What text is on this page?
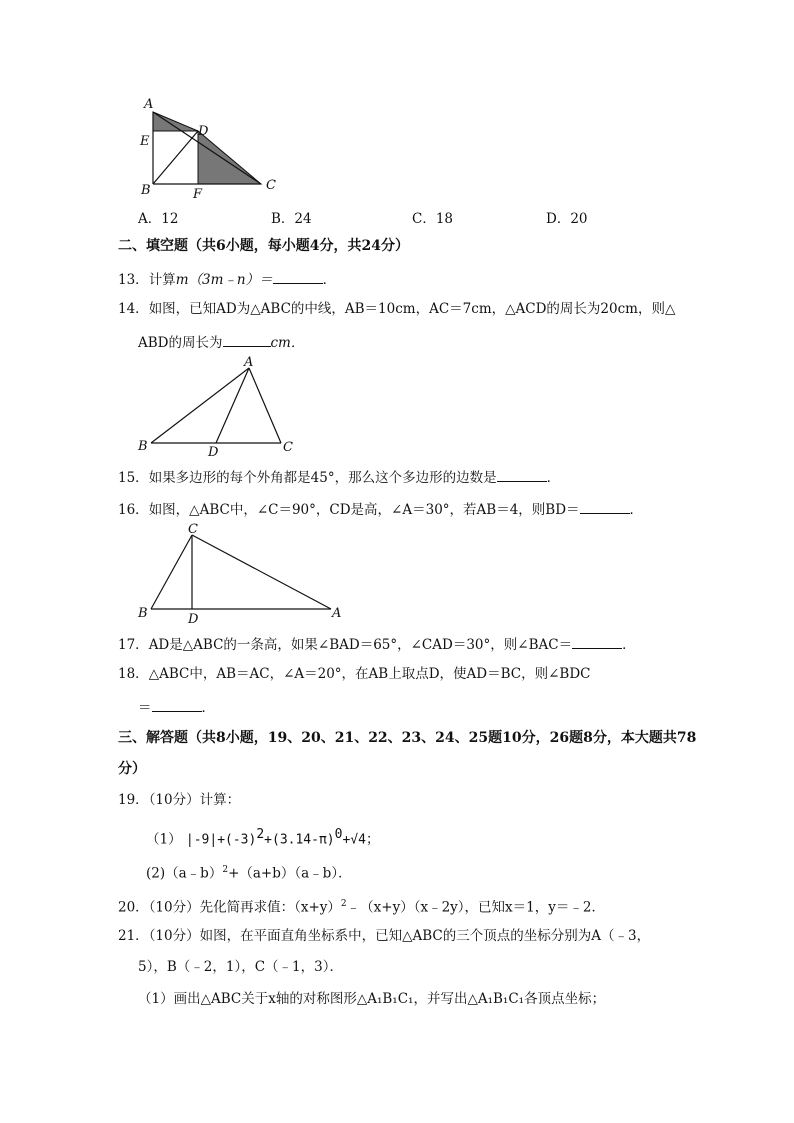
A
E
D
B	F
C
A．12	B．24	C．18	D．20
二、填空题（共6小题，每小题4分，共24分）
13．计算m（3m﹣n）＝	．
14．如图，已知AD为△ABC的中线，AB＝10cm，AC＝7cm，△ACD的周长为20cm，则△
ABD的周长为	cm．
A
B	D	C
15．如果多边形的每个外角都是45°，那么这个多边形的边数是	．
16．如图，△ABC中，∠C＝90°，CD是高，∠A＝30°，若AB＝4，则BD＝	．
C
B	D	A
17．AD是△ABC的一条高，如果∠BAD＝65°，∠CAD＝30°，则∠BAC＝	．
18．△ABC中，AB＝AC，∠A＝20°，在AB上取点D，使AD＝BC，则∠BDC
＝	．
三、解答题（共8小题，19、20、21、22、23、24、25题10分，26题8分，本大题共78
分）
19．（10分）计算：
（1） $|-9|+(-3)^2+(3.14-\pi)^0+√4$；
(2)（a﹣b）$^2$+（a+b）（a﹣b）．
20．（10分）先化简再求值：$(x+y)^2﹣(x+y)(x﹣2y)$，已知x＝1，y＝﹣2．
21．（10分）如图，在平面直角坐标系中，已知△ABC的三个顶点的坐标分别为A（﹣3，
5），B（﹣2，1），C（﹣1，3）．
（1）画出△ABC关于x轴的对称图形△A₁B₁C₁，并写出△A₁B₁C₁各顶点坐标；
